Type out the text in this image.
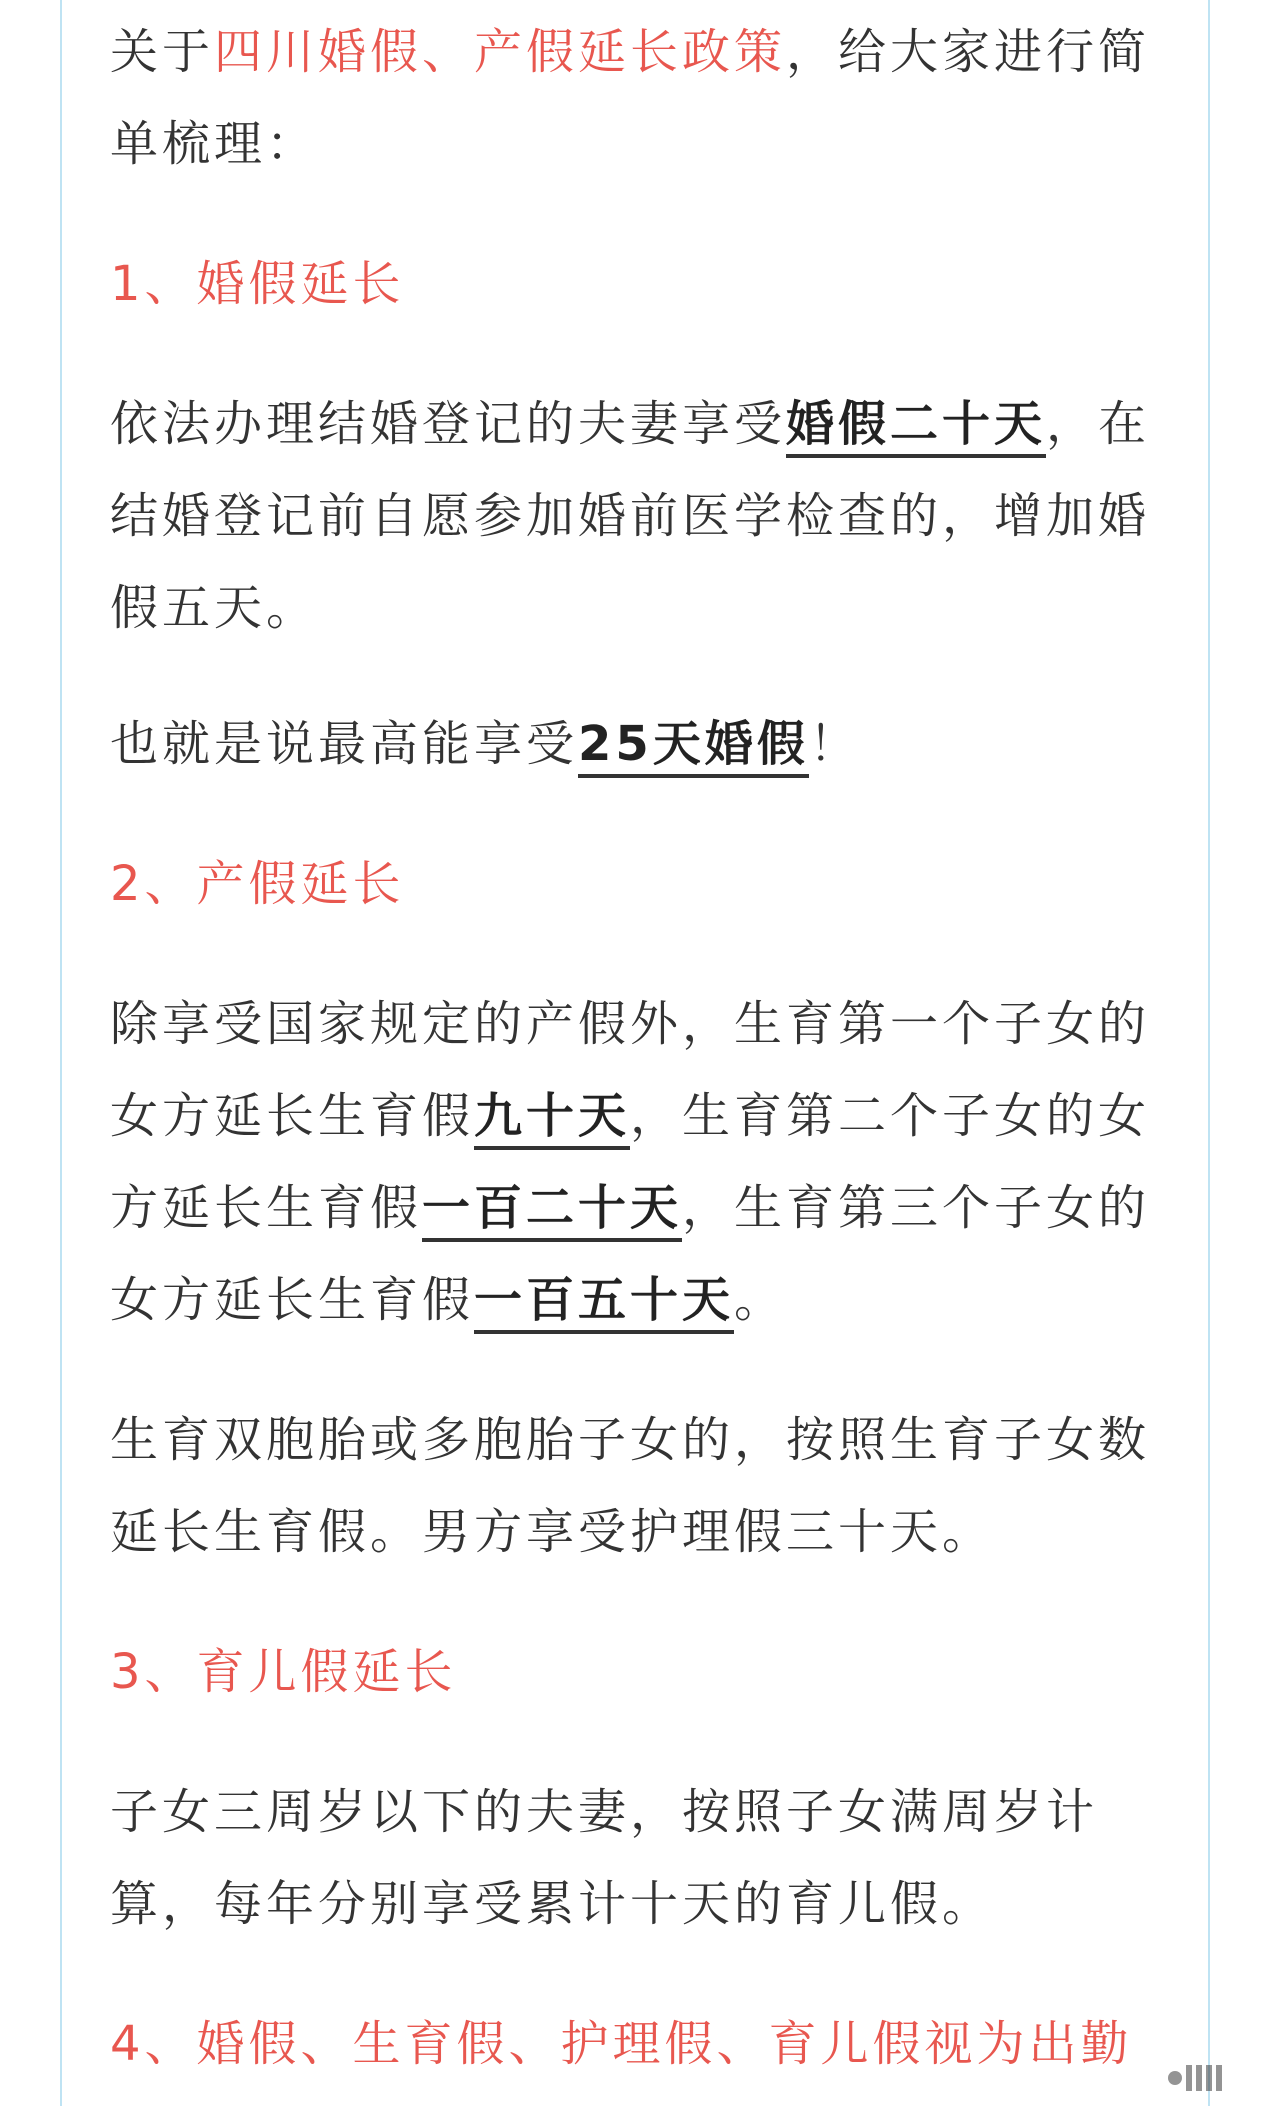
关于四川婚假、产假延长政策，给大家进行简单梳理：

1、婚假延长

依法办理结婚登记的夫妻享受婚假二十天，在结婚登记前自愿参加婚前医学检查的，增加婚假五天。

也就是说最高能享受25天婚假！

2、产假延长

除享受国家规定的产假外，生育第一个子女的女方延长生育假九十天，生育第二个子女的女方延长生育假一百二十天，生育第三个子女的女方延长生育假一百五十天。

生育双胞胎或多胞胎子女的，按照生育子女数延长生育假。男方享受护理假三十天。

3、育儿假延长

子女三周岁以下的夫妻，按照子女满周岁计算，每年分别享受累计十天的育儿假。

4、婚假、生育假、护理假、育儿假视为出勤
